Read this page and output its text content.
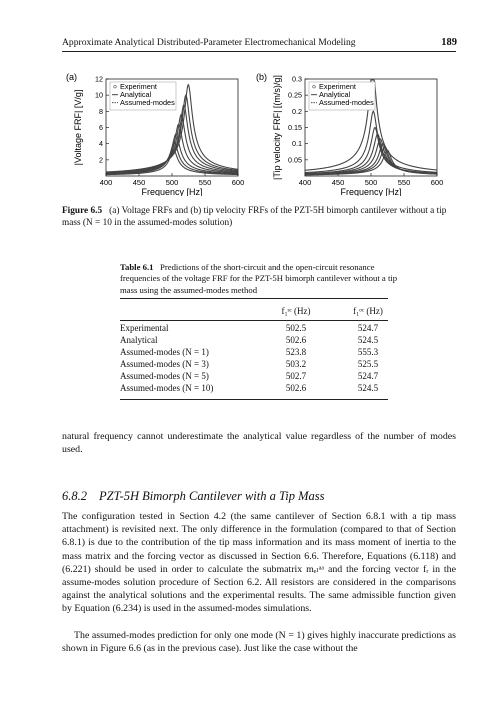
Approximate Analytical Distributed-Parameter Electromechanical Modeling	189
(a)	(b)
400	450	500	550	600
2
4
6
8
10
12
Frequency [Hz]
|Voltage FRF| [V/g]
Experiment
Analytical
Assumed-modes
400	450	500	550	600
0.05
0.1
0.15
0.2
0.25
0.3
Frequency [Hz]
|Tip velocity FRF| [(m/s)/g]	Experiment
Analytical
Assumed-modes
Figure 6.5 (a) Voltage FRFs and (b) tip velocity FRFs of the PZT-5H bimorph cantilever without a tip mass (N = 10 in the assumed-modes solution)
Table 6.1 Predictions of the short-circuit and the open-circuit resonance frequencies of the voltage FRF for the PZT-5H bimorph cantilever without a tip mass using the assumed-modes method
f₁ˢᶜ (Hz)	f₁ᵒᶜ (Hz)
Experimental	502.5	524.7
Analytical	502.6	524.5
Assumed-modes (N = 1)	523.8	555.3
Assumed-modes (N = 3)	503.2	525.5
Assumed-modes (N = 5)	502.7	524.7
Assumed-modes (N = 10)	502.6	524.5
natural frequency cannot underestimate the analytical value regardless of the number of modes used.
6.8.2 PZT-5H Bimorph Cantilever with a Tip Mass
The configuration tested in Section 4.2 (the same cantilever of Section 6.8.1 with a tip mass attachment) is revisited next. The only difference in the formulation (compared to that of Section 6.8.1) is due to the contribution of the tip mass information and its mass moment of inertia to the mass matrix and the forcing vector as discussed in Section 6.6. Therefore, Equations (6.118) and (6.221) should be used in order to calculate the submatrix mₑₗᵃᵃ and the forcing vector fᵣ in the assume-modes solution procedure of Section 6.2. All resistors are considered in the comparisons against the analytical solutions and the experimental results. The same admissible function given by Equation (6.234) is used in the assumed-modes simulations.
The assumed-modes prediction for only one mode (N = 1) gives highly inaccurate predictions as shown in Figure 6.6 (as in the previous case). Just like the case without the
